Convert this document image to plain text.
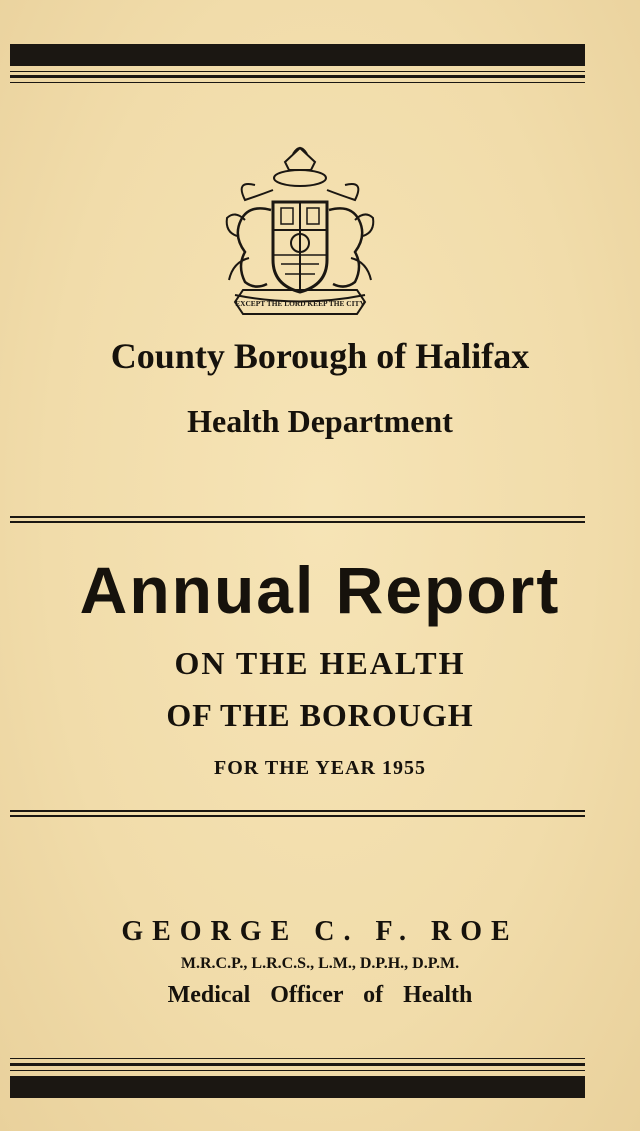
EXCEPT THE LORD KEEP THE CITY
County Borough of Halifax
Health Department
Annual Report
ON THE HEALTH
OF THE BOROUGH
FOR THE YEAR 1955
GEORGE C. F. ROE
M.R.C.P., L.R.C.S., L.M., D.P.H., D.P.M.
Medical Officer of Health
